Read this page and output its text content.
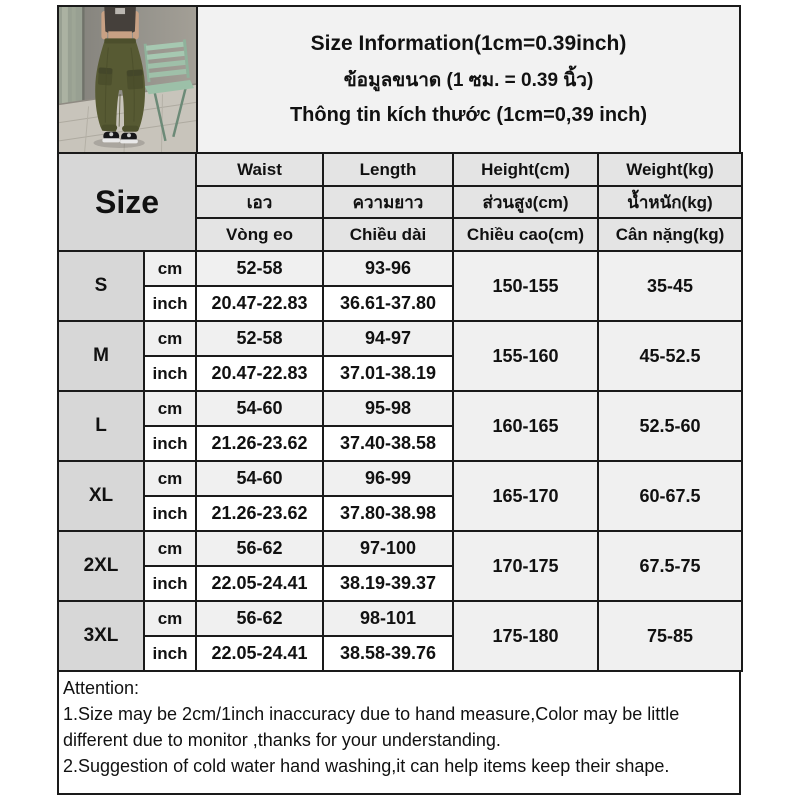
Size Information(1cm=0.39inch)
ข้อมูลขนาด (1 ซม. = 0.39 นิ้ว)
Thông tin kích thước (1cm=0,39 inch)
Size		Waist	Length	Height(cm)	Weight(kg)
		เอว	ความยาว	ส่วนสูง(cm)	น้ำหนัก(kg)
		Vòng eo	Chiều dài	Chiều cao(cm)	Cân nặng(kg)
S	cm	52-58	93-96	150-155	35-45
	inch	20.47-22.83	36.61-37.80		
M	cm	52-58	94-97	155-160	45-52.5
	inch	20.47-22.83	37.01-38.19		
L	cm	54-60	95-98	160-165	52.5-60
	inch	21.26-23.62	37.40-38.58		
XL	cm	54-60	96-99	165-170	60-67.5
	inch	21.26-23.62	37.80-38.98		
2XL	cm	56-62	97-100	170-175	67.5-75
	inch	22.05-24.41	38.19-39.37		
3XL	cm	56-62	98-101	175-180	75-85
	inch	22.05-24.41	38.58-39.76		
Attention:
1.Size may be 2cm/1inch inaccuracy due to hand measure,Color may be little different due to monitor ,thanks for your understanding.
2.Suggestion of cold water hand washing,it can help items keep their shape.
